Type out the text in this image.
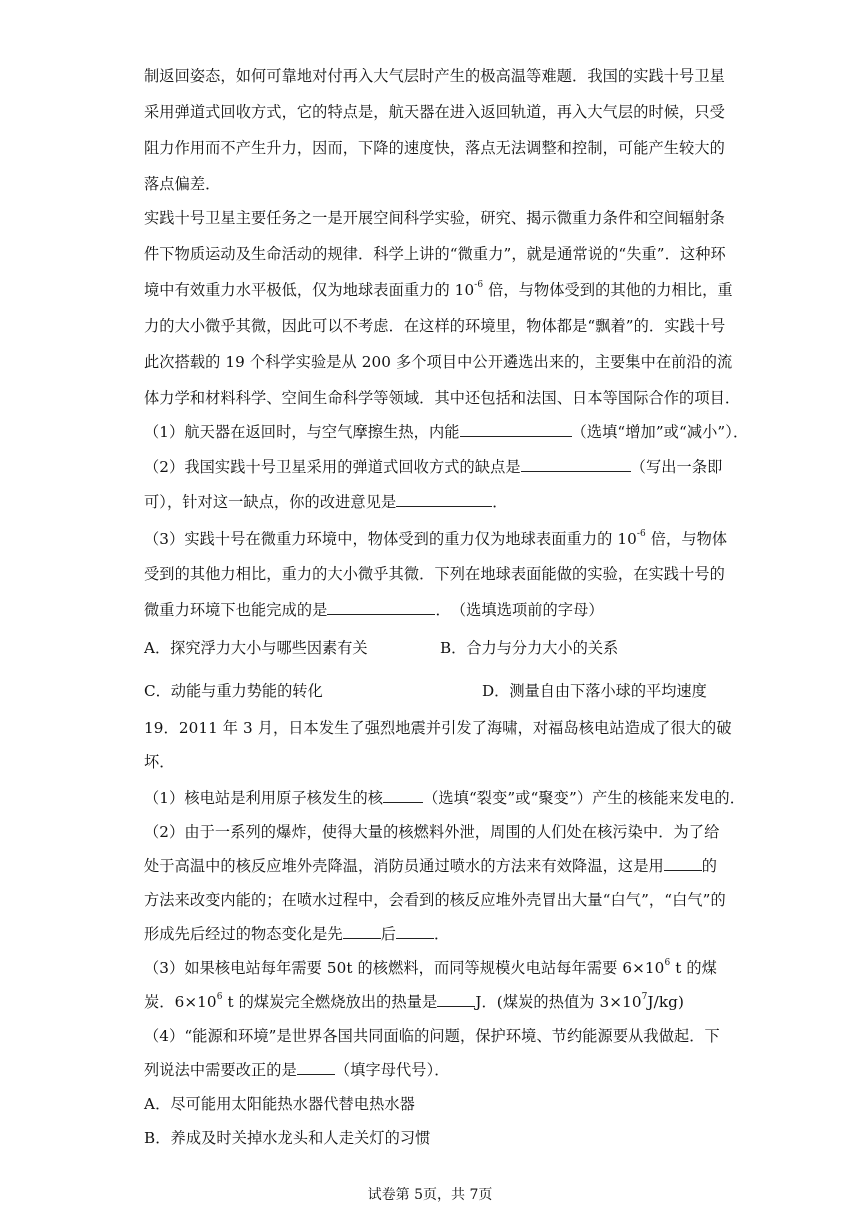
制返回姿态，如何可靠地对付再入大气层时产生的极高温等难题．我国的实践十号卫星
采用弹道式回收方式，它的特点是，航天器在进入返回轨道，再入大气层的时候，只受
阻力作用而不产生升力，因而，下降的速度快，落点无法调整和控制，可能产生较大的
落点偏差．
实践十号卫星主要任务之一是开展空间科学实验，研究、揭示微重力条件和空间辐射条
件下物质运动及生命活动的规律．科学上讲的“微重力”，就是通常说的“失重”．这种环
境中有效重力水平极低，仅为地球表面重力的 $10^{-6}$ 倍，与物体受到的其他的力相比，重
力的大小微乎其微，因此可以不考虑．在这样的环境里，物体都是“飘着”的．实践十号
此次搭载的 19 个科学实验是从 200 多个项目中公开遴选出来的，主要集中在前沿的流
体力学和材料科学、空间生命科学等领域．其中还包括和法国、日本等国际合作的项目．
（1）航天器在返回时，与空气摩擦生热，内能	（选填“增加”或“减小”）．
（2）我国实践十号卫星采用的弹道式回收方式的缺点是	（写出一条即
可），针对这一缺点，你的改进意见是	．
（3）实践十号在微重力环境中，物体受到的重力仅为地球表面重力的 $10^{-6}$ 倍，与物体
受到的其他力相比，重力的大小微乎其微．下列在地球表面能做的实验，在实践十号的
微重力环境下也能完成的是	．　（选填选项前的字母）
A．探究浮力大小与哪些因素有关	B．合力与分力大小的关系
C．动能与重力势能的转化	D．测量自由下落小球的平均速度
19．2011 年 3 月，日本发生了强烈地震并引发了海啸，对福岛核电站造成了很大的破
坏．
（1）核电站是利用原子核发生的核	（选填“裂变”或“聚变”）产生的核能来发电的．
（2）由于一系列的爆炸，使得大量的核燃料外泄，周围的人们处在核污染中．为了给
处于高温中的核反应堆外壳降温，消防员通过喷水的方法来有效降温，这是用	的
方法来改变内能的；在喷水过程中，会看到的核反应堆外壳冒出大量“白气”，“白气”的
形成先后经过的物态变化是先	后	．
（3）如果核电站每年需要 50t 的核燃料，而同等规模火电站每年需要 $6\times 10^6$ t 的煤
炭．$6\times 10^6$ t 的煤炭完全燃烧放出的热量是	J．(煤炭的热值为 $3\times 10^7J/kg$)
（4）“能源和环境”是世界各国共同面临的问题，保护环境、节约能源要从我做起．下
列说法中需要改正的是	（填字母代号）．
A．尽可能用太阳能热水器代替电热水器
B．养成及时关掉水龙头和人走关灯的习惯
试卷第 5页，共 7页
